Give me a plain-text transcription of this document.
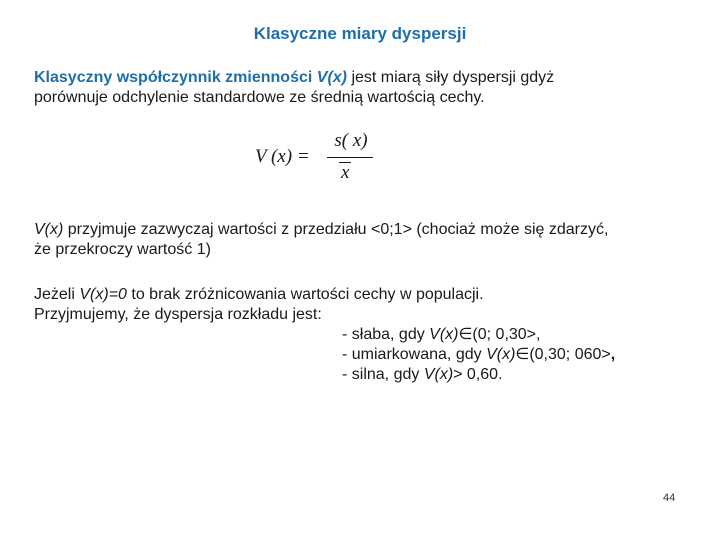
Klasyczne miary dyspersji
Klasyczny współczynnik zmienności V(x) jest miarą siły dyspersji gdyż
porównuje odchylenie standardowe ze średnią wartością cechy.
V (x) =
s( x)
x
V(x) przyjmuje zazwyczaj wartości z przedziału <0;1> (chociaż może się zdarzyć,
że przekroczy wartość 1)
Jeżeli V(x)=0 to brak zróżnicowania wartości cechy w populacji.
Przyjmujemy, że dyspersja rozkładu jest:
- słaba, gdy V(x)∈(0; 0,30>,
- umiarkowana, gdy V(x)∈(0,30; 060>,
- silna, gdy V(x)> 0,60.
44
